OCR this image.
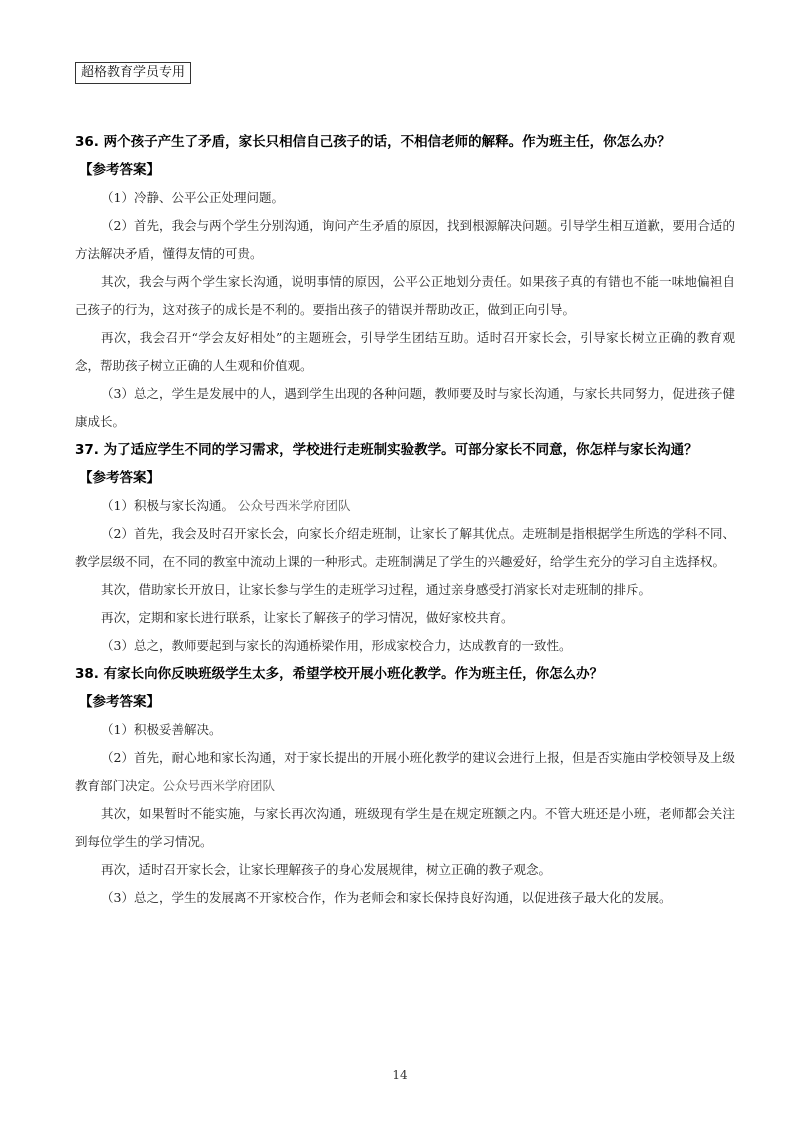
超格教育学员专用

36. 两个孩子产生了矛盾，家长只相信自己孩子的话，不相信老师的解释。作为班主任，你怎么办？

【参考答案】

（1）冷静、公平公正处理问题。

（2）首先，我会与两个学生分别沟通，询问产生矛盾的原因，找到根源解决问题。引导学生相互道歉，要用合适的方法解决矛盾，懂得友情的可贵。

其次，我会与两个学生家长沟通，说明事情的原因，公平公正地划分责任。如果孩子真的有错也不能一味地偏袒自己孩子的行为，这对孩子的成长是不利的。要指出孩子的错误并帮助改正，做到正向引导。

再次，我会召开“学会友好相处”的主题班会，引导学生团结互助。适时召开家长会，引导家长树立正确的教育观念，帮助孩子树立正确的人生观和价值观。

（3）总之，学生是发展中的人，遇到学生出现的各种问题，教师要及时与家长沟通，与家长共同努力，促进孩子健康成长。

37. 为了适应学生不同的学习需求，学校进行走班制实验教学。可部分家长不同意，你怎样与家长沟通？

【参考答案】

（1）积极与家长沟通。 公众号西米学府团队

（2）首先，我会及时召开家长会，向家长介绍走班制，让家长了解其优点。走班制是指根据学生所选的学科不同、教学层级不同，在不同的教室中流动上课的一种形式。走班制满足了学生的兴趣爱好，给学生充分的学习自主选择权。

其次，借助家长开放日，让家长参与学生的走班学习过程，通过亲身感受打消家长对走班制的排斥。

再次，定期和家长进行联系，让家长了解孩子的学习情况，做好家校共育。

（3）总之，教师要起到与家长的沟通桥梁作用，形成家校合力，达成教育的一致性。

38. 有家长向你反映班级学生太多，希望学校开展小班化教学。作为班主任，你怎么办？

【参考答案】

（1）积极妥善解决。

（2）首先，耐心地和家长沟通，对于家长提出的开展小班化教学的建议会进行上报，但是否实施由学校领导及上级教育部门决定。公众号西米学府团队

其次，如果暂时不能实施，与家长再次沟通，班级现有学生是在规定班额之内。不管大班还是小班，老师都会关注到每位学生的学习情况。

再次，适时召开家长会，让家长理解孩子的身心发展规律，树立正确的教子观念。

（3）总之，学生的发展离不开家校合作，作为老师会和家长保持良好沟通，以促进孩子最大化的发展。

14
